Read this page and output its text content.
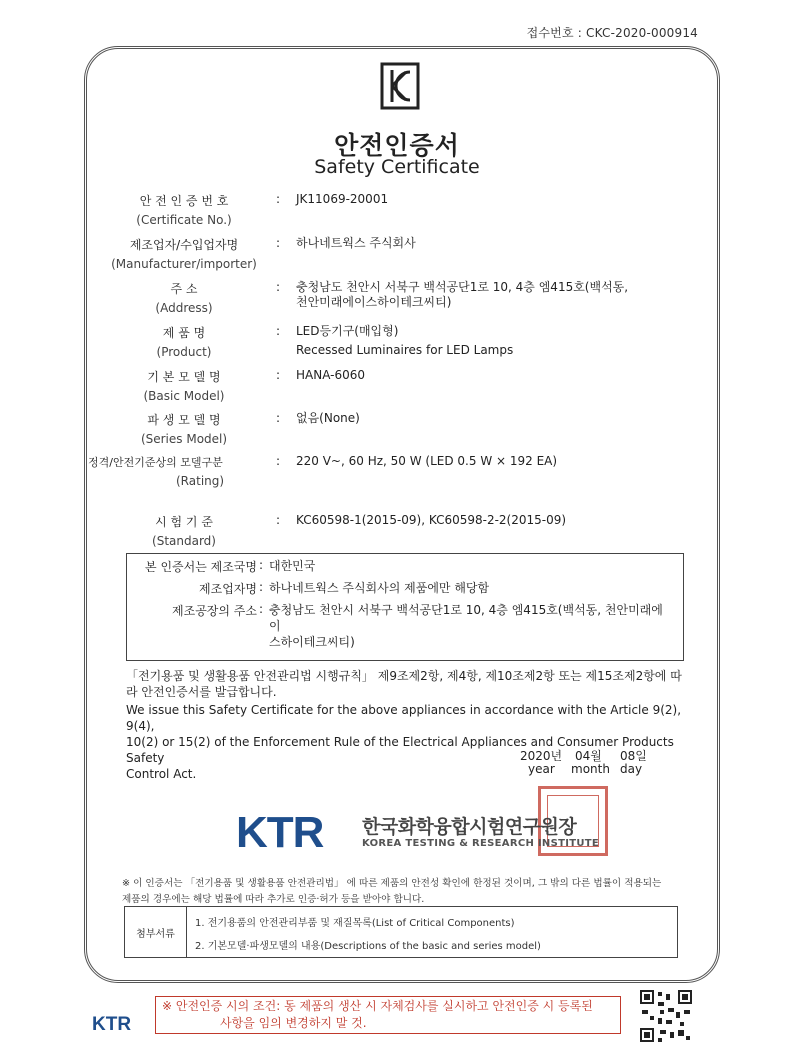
접수번호 : CKC-2020-000914
안전인증서
Safety Certificate
안 전 인 증 번 호
(Certificate No.)
: JK11069-20001
제조업자/수입업자명
(Manufacturer/importer)
: 하나네트웍스 주식회사
주 소
(Address)
: 충청남도 천안시 서북구 백석공단1로 10, 4층 엠415호(백석동,
천안미래에이스하이테크씨티)
제 품 명
(Product)
: LED등기구(매입형)
Recessed Luminaires for LED Lamps
기 본 모 델 명
(Basic Model)
: HANA-6060
파 생 모 델 명
(Series Model)
: 없음(None)
정격/안전기준상의 모델구분
(Rating)
: 220 V~, 60 Hz, 50 W (LED 0.5 W × 192 EA)
시 험 기 준
(Standard)
: KC60598-1(2015-09), KC60598-2-2(2015-09)
본 인증서는 제조국명 : 대한민국
제조업자명 : 하나네트웍스 주식회사의 제품에만 해당함
제조공장의 주소 : 충청남도 천안시 서북구 백석공단1로 10, 4층 엠415호(백석동, 천안미래에이
스하이테크씨티)
「전기용품 및 생활용품 안전관리법 시행규칙」 제9조제2항, 제4항, 제10조제2항 또는 제15조제2항에 따
라 안전인증서를 발급합니다.
We issue this Safety Certificate for the above appliances in accordance with the Article 9(2), 9(4),
10(2) or 15(2) of the Enforcement Rule of the Electrical Appliances and Consumer Products Safety
Control Act.
2020년 04월 08일
year month day
KTR 한국화학융합시험연구원장
KOREA TESTING & RESEARCH INSTITUTE
※ 이 인증서는 「전기용품 및 생활용품 안전관리법」 에 따른 제품의 안전성 확인에 한정된 것이며, 그 밖의 다른 법률이 적용되는
제품의 경우에는 해당 법률에 따라 추가로 인증·허가 등을 받아야 합니다.
첨부서류
1. 전기용품의 안전관리부품 및 재질목록(List of Critical Components)
2. 기본모델·파생모델의 내용(Descriptions of the basic and series model)
※ 안전인증 시의 조건: 동 제품의 생산 시 자체검사를 실시하고 안전인증 시 등록된
사항을 임의 변경하지 말 것.
KTR
